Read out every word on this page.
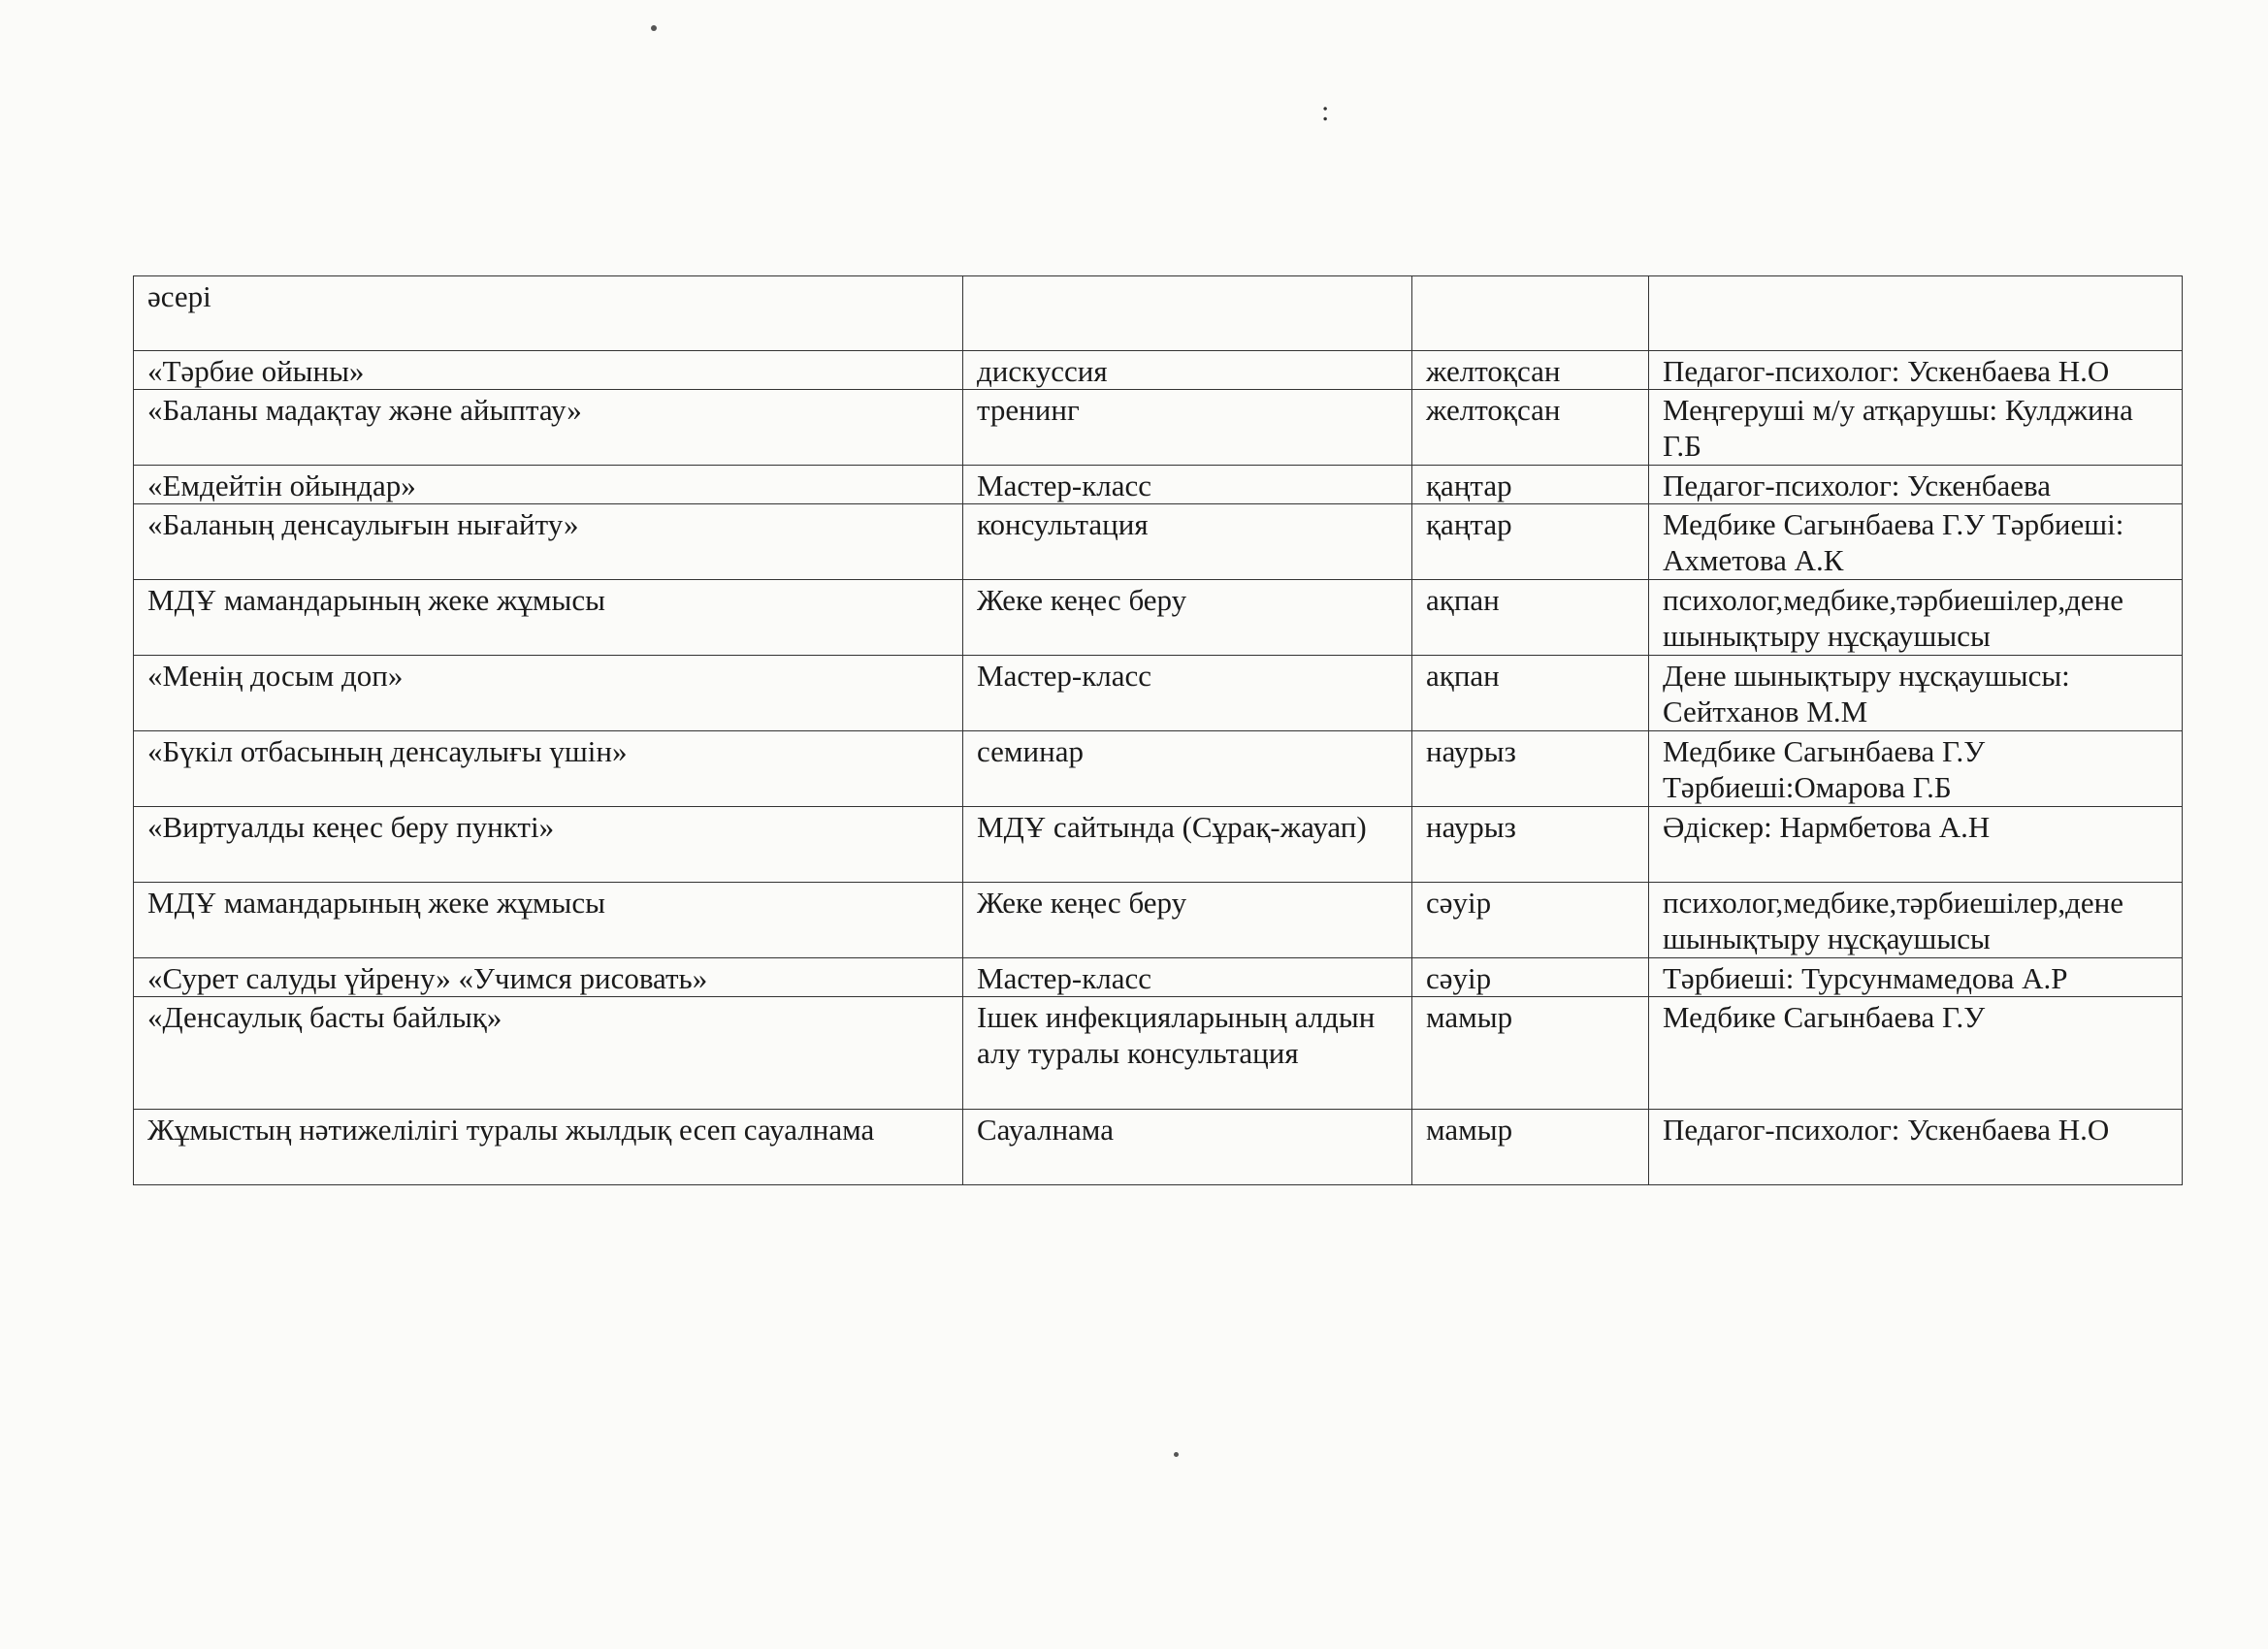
:
әсері			
«Тәрбие ойыны»	дискуссия	желтоқсан	Педагог-психолог: Ускенбаева Н.О
«Баланы мадақтау және айыптау»	тренинг	желтоқсан	Меңгеруші м/у атқарушы: Кулджина Г.Б
«Емдейтін ойындар»	Мастер-класс	қаңтар	Педагог-психолог: Ускенбаева
«Баланың денсаулығын нығайту»	консультация	қаңтар	Медбике Сагынбаева Г.У Тәрбиеші: Ахметова А.К
МДҰ мамандарының жеке жұмысы	Жеке кеңес беру	ақпан	психолог,медбике,тәрбиешілер,дене шынықтыру нұсқаушысы
«Менің досым доп»	Мастер-класс	ақпан	Дене шынықтыру нұсқаушысы: Сейтханов М.М
«Бүкіл отбасының денсаулығы үшін»	семинар	наурыз	Медбике Сагынбаева Г.У Тәрбиеші:Омарова Г.Б
«Виртуалды кеңес беру пункті»	МДҰ сайтында (Сұрақ-жауап)	наурыз	Әдіскер: Нармбетова А.Н
МДҰ мамандарының жеке жұмысы	Жеке кеңес беру	сәуір	психолог,медбике,тәрбиешілер,дене шынықтыру нұсқаушысы
«Сурет салуды үйрену» «Учимся рисовать»	Мастер-класс	сәуір	Тәрбиеші: Турсунмамедова А.Р
«Денсаулық басты байлық»	Ішек инфекцияларының алдын алу туралы консультация	мамыр	Медбике Сагынбаева Г.У
Жұмыстың нәтижелілігі туралы жылдық есеп сауалнама	Сауалнама	мамыр	Педагог-психолог: Ускенбаева Н.О
